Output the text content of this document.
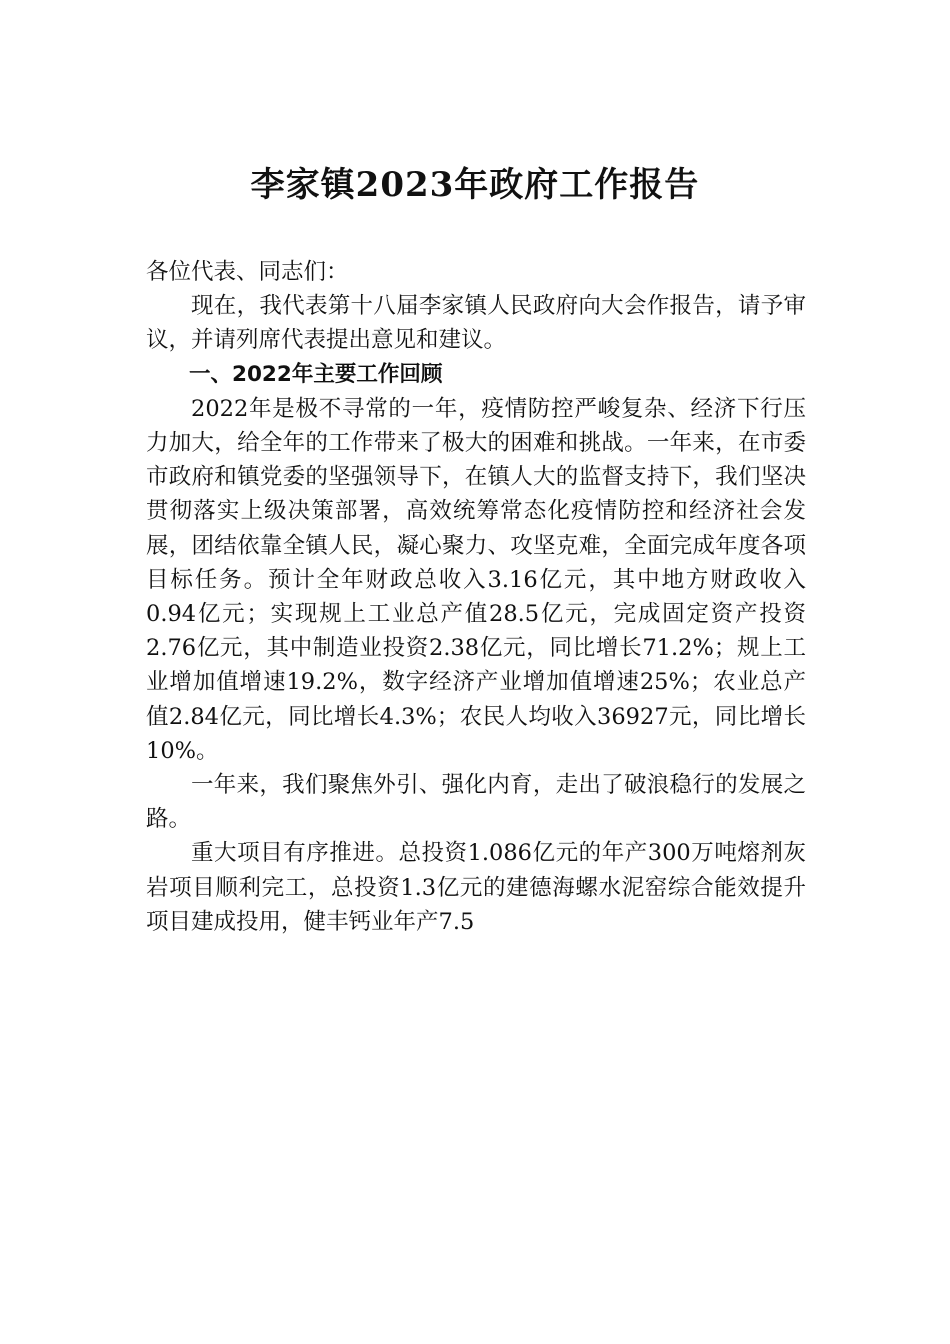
李家镇2023年政府工作报告

各位代表、同志们：

现在，我代表第十八届李家镇人民政府向大会作报告，请予审议，并请列席代表提出意见和建议。

一、2022年主要工作回顾

2022年是极不寻常的一年，疫情防控严峻复杂、经济下行压力加大，给全年的工作带来了极大的困难和挑战。一年来，在市委市政府和镇党委的坚强领导下，在镇人大的监督支持下，我们坚决贯彻落实上级决策部署，高效统筹常态化疫情防控和经济社会发展，团结依靠全镇人民，凝心聚力、攻坚克难，全面完成年度各项目标任务。预计全年财政总收入3.16亿元，其中地方财政收入0.94亿元；实现规上工业总产值28.5亿元，完成固定资产投资2.76亿元，其中制造业投资2.38亿元，同比增长71.2%；规上工业增加值增速19.2%，数字经济产业增加值增速25%；农业总产值2.84亿元，同比增长4.3%；农民人均收入36927元，同比增长10%。

一年来，我们聚焦外引、强化内育，走出了破浪稳行的发展之路。

重大项目有序推进。总投资1.086亿元的年产300万吨熔剂灰岩项目顺利完工，总投资1.3亿元的建德海螺水泥窑综合能效提升项目建成投用，健丰钙业年产7.5
